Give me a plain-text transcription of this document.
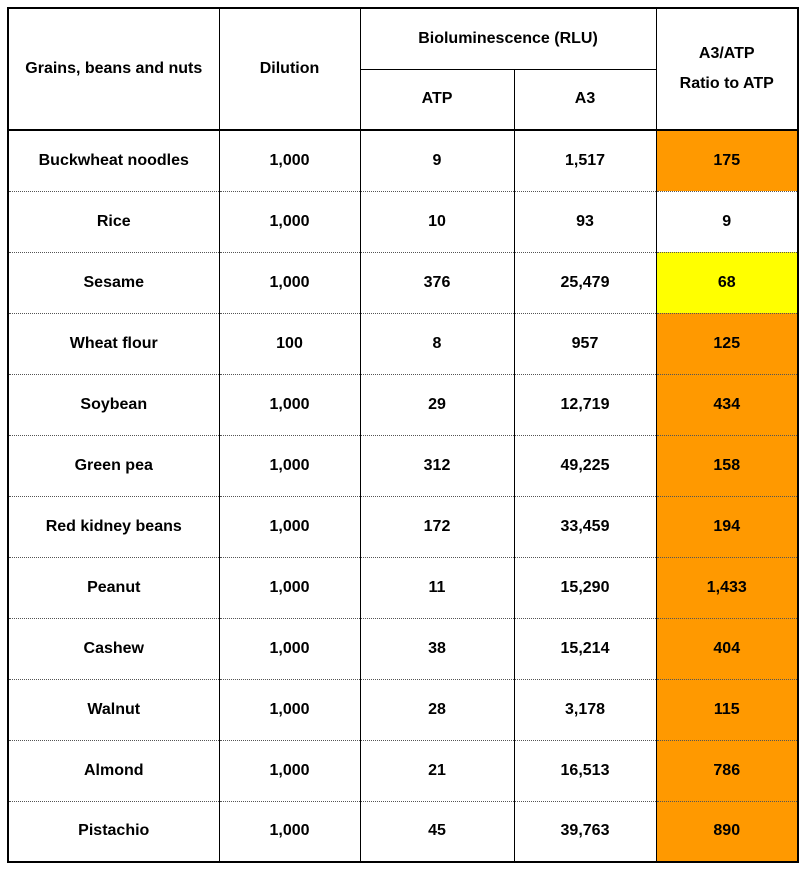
Grains, beans and nuts	Dilution	Bioluminescence (RLU)		A3/ATP
Ratio to ATP

		ATP	A3	
Buckwheat noodles	1,000	9	1,517	175
Rice	1,000	10	93	9
Sesame	1,000	376	25,479	68
Wheat flour	100	8	957	125
Soybean	1,000	29	12,719	434
Green pea	1,000	312	49,225	158
Red kidney beans	1,000	172	33,459	194
Peanut	1,000	11	15,290	1,433
Cashew	1,000	38	15,214	404
Walnut	1,000	28	3,178	115
Almond	1,000	21	16,513	786
Pistachio	1,000	45	39,763	890
